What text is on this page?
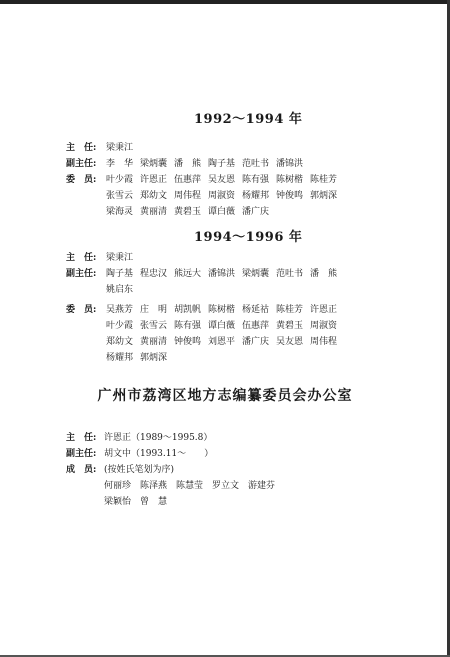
1992～1994 年
主　任: 梁秉江
副主任: 李　华 梁炳囊 潘　熊 陶子基 范吐书 潘锦洪
委　员: 叶少霞 许恩正 伍惠萍 吴友恩 陈有强 陈树楷 陈桂芳
张雪云 郑幼文 周伟程 周淑资 杨耀邦 钟俊鸣 郭炳深
梁海灵 黄丽清 黄碧玉 谭白薇 潘广庆
1994～1996 年
主　任: 梁秉江
副主任: 陶子基 程忠汉 熊远大 潘锦洪 梁炳囊 范吐书 潘　熊
姚启东
委　员: 吴燕芳 庄　明 胡凯帆 陈树楷 杨延祜 陈桂芳 许恩正
叶少霞 张雪云 陈有强 谭白薇 伍惠萍 黄碧玉 周淑资
郑幼文 黄丽清 钟俊鸣 刘恩平 潘广庆 吴友恩 周伟程
杨耀邦 郭炳深
广州市荔湾区地方志编纂委员会办公室
主　任: 许恩正（1989～1995.8）
副主任: 胡文中（1993.11～　　）
成　员: (按姓氏笔划为序)
何丽珍 陈泽燕 陈慧莹 罗立文 游建芬
梁颖怡 曾　慧
